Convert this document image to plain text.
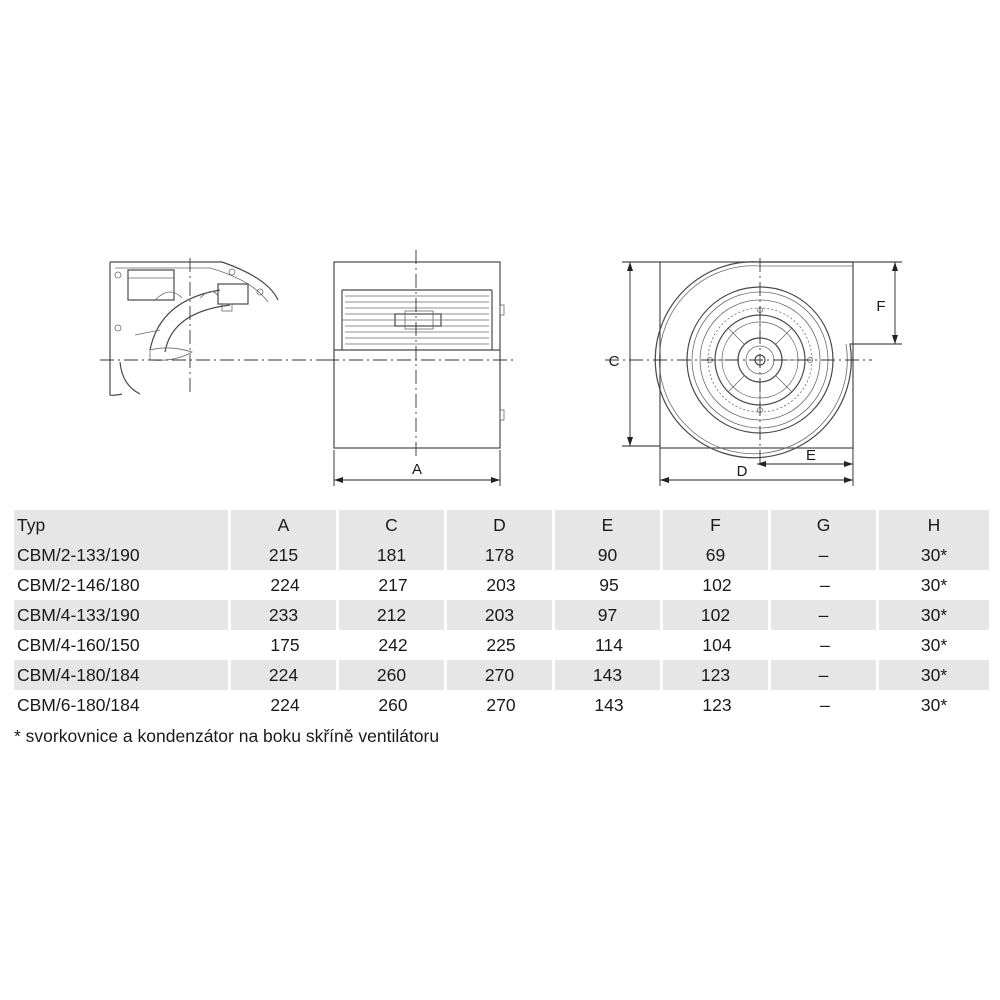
A
C
F
E
D
Typ	A	C	D	E	F	G	H
CBM/2-133/190	215	181	178	90	69	–	30*
CBM/2-146/180	224	217	203	95	102	–	30*
CBM/4-133/190	233	212	203	97	102	–	30*
CBM/4-160/150	175	242	225	114	104	–	30*
CBM/4-180/184	224	260	270	143	123	–	30*
CBM/6-180/184	224	260	270	143	123	–	30*

* svorkovnice a kondenzátor na boku skříně ventilátoru
